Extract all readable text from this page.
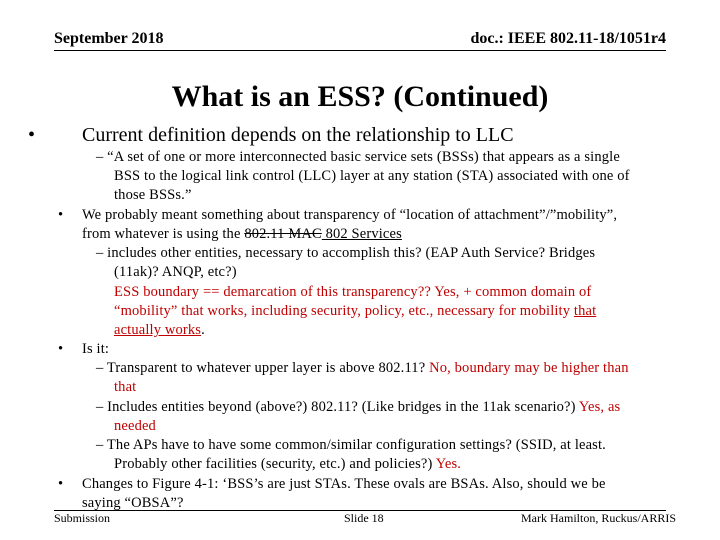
September 2018	doc.: IEEE 802.11-18/1051r4
What is an ESS? (Continued)
• Current definition depends on the relationship to LLC
– “A set of one or more interconnected basic service sets (BSSs) that appears as a single
BSS to the logical link control (LLC) layer at any station (STA) associated with one of
those BSSs.”
• We probably meant something about transparency of “location of attachment”/”mobility”,
from whatever is using the 802.11 MAC 802 Services
– includes other entities, necessary to accomplish this? (EAP Auth Service? Bridges
(11ak)? ANQP, etc?)
ESS boundary == demarcation of this transparency?? Yes, + common domain of
“mobility” that works, including security, policy, etc., necessary for mobility that
actually works.
• Is it:
– Transparent to whatever upper layer is above 802.11? No, boundary may be higher than
that
– Includes entities beyond (above?) 802.11? (Like bridges in the 11ak scenario?) Yes, as
needed
– The APs have to have some common/similar configuration settings? (SSID, at least.
Probably other facilities (security, etc.) and policies?) Yes.
• Changes to Figure 4-1: ‘BSS’s are just STAs. These ovals are BSAs. Also, should we be
saying “OBSA”?
Submission	Slide 18	Mark Hamilton, Ruckus/ARRIS
